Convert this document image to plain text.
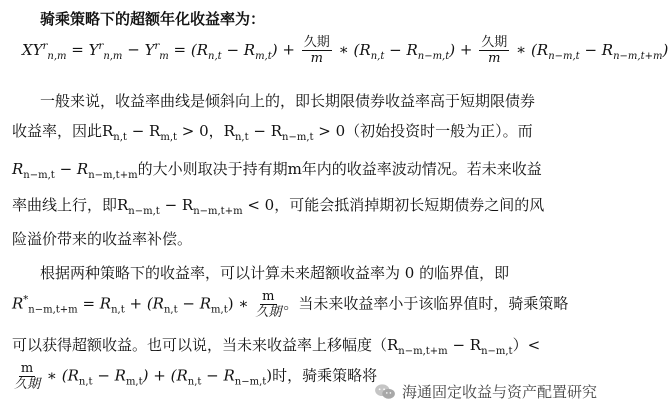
骑乘策略下的超额年化收益率为：
$XY^r_{n,m} = Y^r_{n,m} - Y^r_m = (R_{n,t} - R_{m,t}) + \frac{\text{久期}}{m}$ ∗ $(R_{n,t} - R_{n-m,t}) + \frac{\text{久期}}{m}$ ∗ $(R_{n-m,t} - R_{n-m,t+m})$
一般来说，收益率曲线是倾斜向上的，即长期限债券收益率高于短期限债券
收益率，因此$R_{n,t} - R_{m,t} > 0$，$R_{n,t} - R_{n-m,t} > 0$（初始投资时一般为正）。而
$R_{n-m,t} - R_{n-m,t+m}$的大小则取决于持有期m年内的收益率波动情况。若未来收益
率曲线上行，即$R_{n-m,t} - R_{n-m,t+m} < 0$，可能会抵消掉期初长短期债券之间的风
险溢价带来的收益率补偿。
根据两种策略下的收益率，可以计算未来超额收益率为 0 的临界值，即
$R^*_{n-m,t+m} = R_{n,t} + (R_{n,t} - R_{m,t})$ ∗ $\frac{m}{\text{久期}}$ 。当未来收益率小于该临界值时，骑乘策略
可以获得超额收益。也可以说，当未来收益率上移幅度$(R_{n-m,t+m} - R_{n-m,t})<$
$\frac{m}{\text{久期}}$ ∗ $(R_{n,t} - R_{m,t}) + (R_{n,t} - R_{n-m,t})$时，骑乘策略将
海通固定收益与资产配置研究
